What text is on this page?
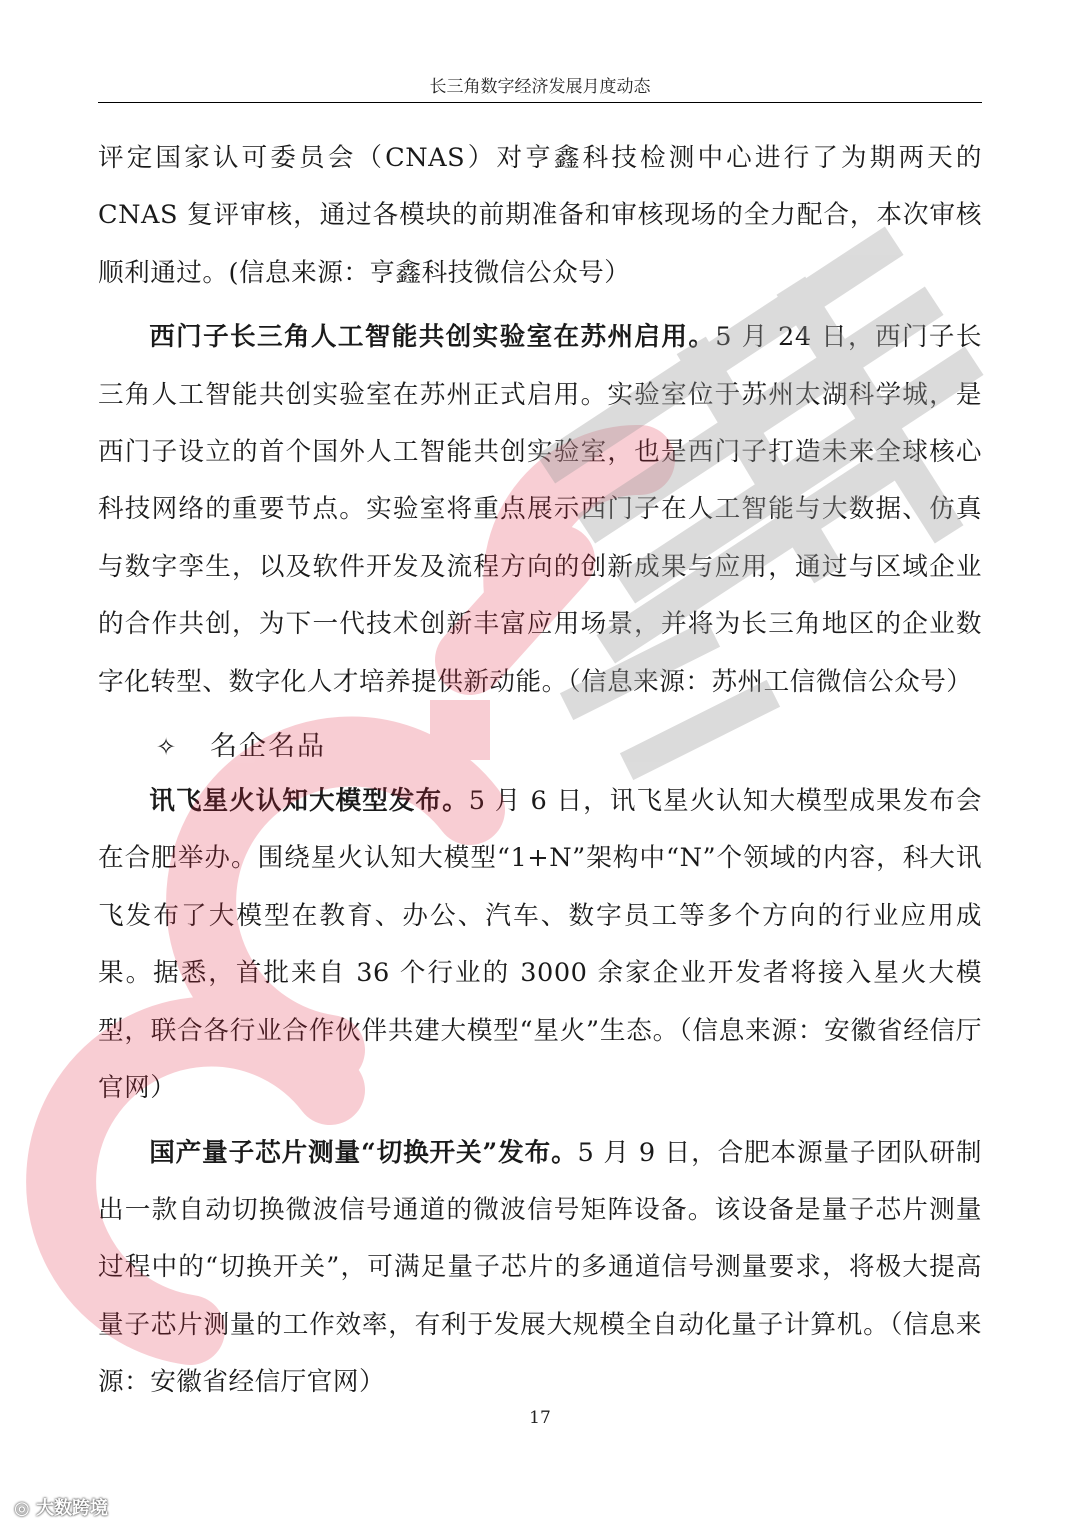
长三角数字经济发展月度动态

评定国家认可委员会（CNAS）对亨鑫科技检测中心进行了为期两天的 CNAS 复评审核，通过各模块的前期准备和审核现场的全力配合，本次审核顺利通过。(信息来源：亨鑫科技微信公众号）

西门子长三角人工智能共创实验室在苏州启用。5 月 24 日，西门子长三角人工智能共创实验室在苏州正式启用。实验室位于苏州太湖科学城，是西门子设立的首个国外人工智能共创实验室，也是西门子打造未来全球核心科技网络的重要节点。实验室将重点展示西门子在人工智能与大数据、仿真与数字孪生，以及软件开发及流程方向的创新成果与应用，通过与区域企业的合作共创，为下一代技术创新丰富应用场景，并将为长三角地区的企业数字化转型、数字化人才培养提供新动能。（信息来源：苏州工信微信公众号）

✧ 名企名品

讯飞星火认知大模型发布。5 月 6 日，讯飞星火认知大模型成果发布会在合肥举办。围绕星火认知大模型“1+N”架构中“N”个领域的内容，科大讯飞发布了大模型在教育、办公、汽车、数字员工等多个方向的行业应用成果。据悉，首批来自 36 个行业的 3000 余家企业开发者将接入星火大模型，联合各行业合作伙伴共建大模型“星火”生态。（信息来源：安徽省经信厅官网）

国产量子芯片测量“切换开关”发布。5 月 9 日，合肥本源量子团队研制出一款自动切换微波信号通道的微波信号矩阵设备。该设备是量子芯片测量过程中的“切换开关”，可满足量子芯片的多通道信号测量要求，将极大提高量子芯片测量的工作效率，有利于发展大规模全自动化量子计算机。（信息来源：安徽省经信厅官网）

17
◎ 大数跨境
